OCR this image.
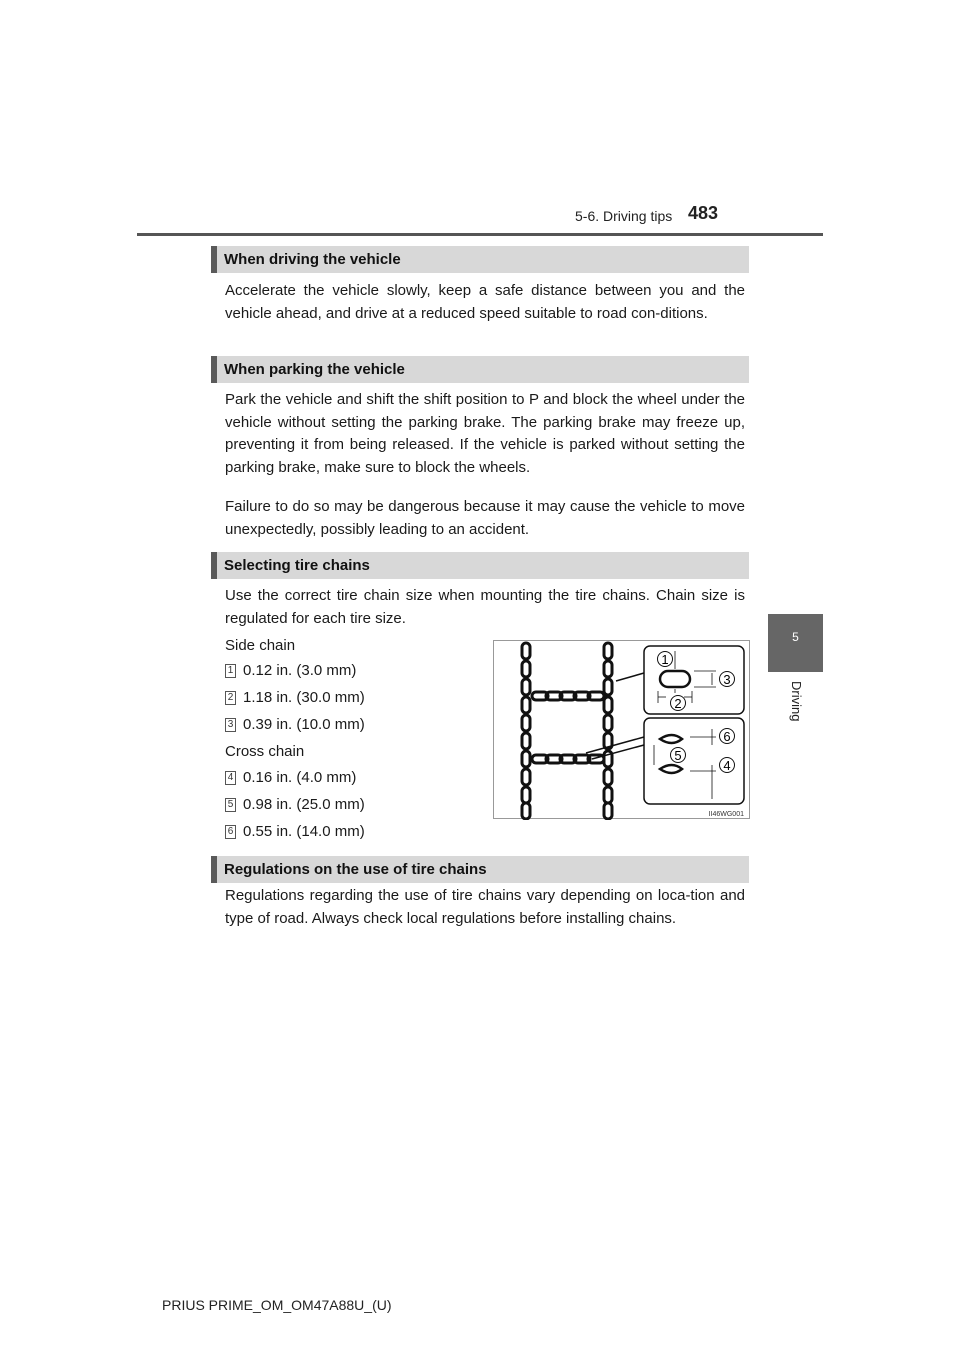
5-6. Driving tips 483
5
Driving
When driving the vehicle
Accelerate the vehicle slowly, keep a safe distance between you and the vehicle ahead, and drive at a reduced speed suitable to road con-ditions.
When parking the vehicle
Park the vehicle and shift the shift position to P and block the wheel under the vehicle without setting the parking brake. The parking brake may freeze up, preventing it from being released. If the vehicle is parked without setting the parking brake, make sure to block the wheels.
Failure to do so may be dangerous because it may cause the vehicle to move unexpectedly, possibly leading to an accident.
Selecting tire chains
Use the correct tire chain size when mounting the tire chains. Chain size is regulated for each tire size.
Side chain
1 0.12 in. (3.0 mm)
2 1.18 in. (30.0 mm)
3 0.39 in. (10.0 mm)
Cross chain
4 0.16 in. (4.0 mm)
5 0.98 in. (25.0 mm)
6 0.55 in. (14.0 mm)
1
2
3
6
5
4
II46WG001
Regulations on the use of tire chains
Regulations regarding the use of tire chains vary depending on loca-tion and type of road. Always check local regulations before installing chains.
PRIUS PRIME_OM_OM47A88U_(U)
